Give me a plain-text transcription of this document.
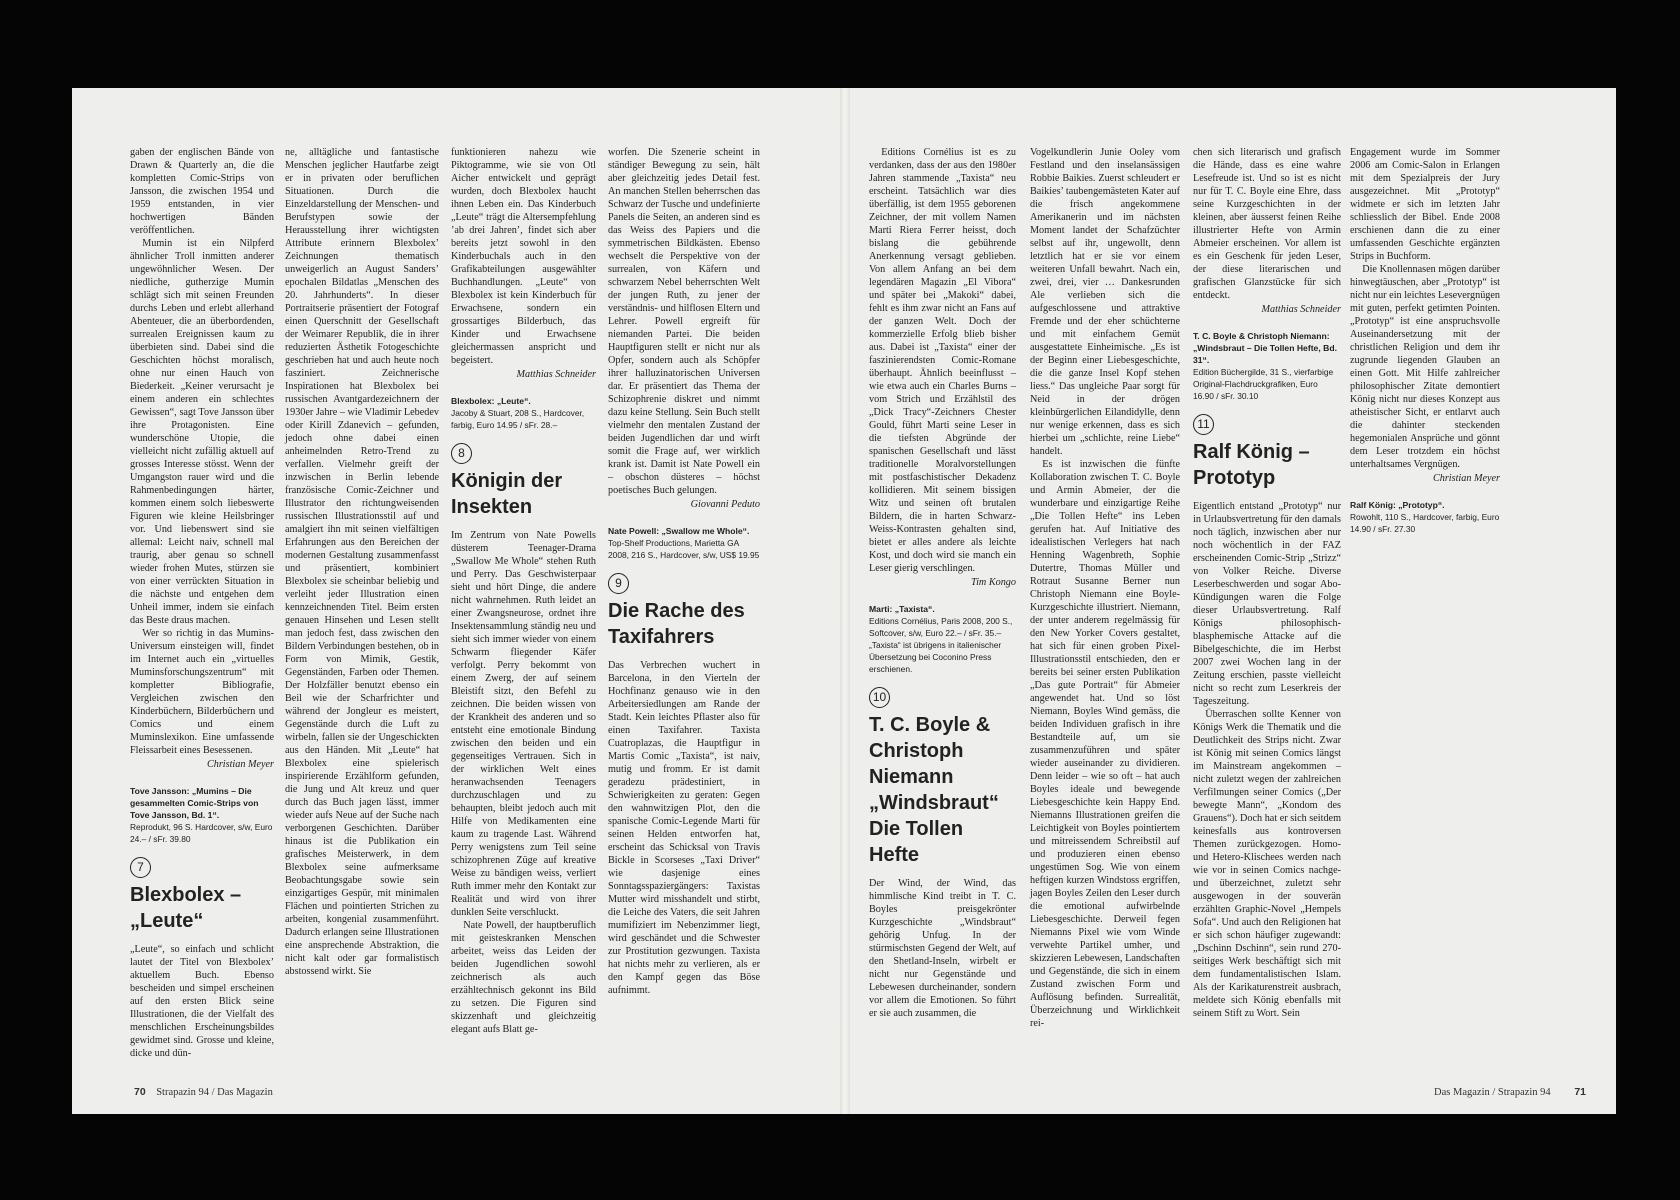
gaben der englischen Bände von Drawn & Quarterly an, die die kompletten Comic-Strips von Jansson, die zwischen 1954 und 1959 entstanden, in vier hochwertigen Bänden veröffentlichen.

Mumin ist ein Nilpferd ähnlicher Troll inmitten anderer ungewöhnlicher Wesen. Der niedliche, gutherzige Mumin schlägt sich mit seinen Freunden durchs Leben und erlebt allerhand Abenteuer, die an überbordenden, surrealen Ereignissen kaum zu überbieten sind. Dabei sind die Geschichten höchst moralisch, ohne nur einen Hauch von Biederkeit. „Keiner verursacht je einem anderen ein schlechtes Gewissen“, sagt Tove Jansson über ihre Protagonisten. Eine wunderschöne Utopie, die vielleicht nicht zufällig aktuell auf grosses Interesse stösst. Wenn der Umgangston rauer wird und die Rahmenbedingungen härter, kommen einem solch liebeswerte Figuren wie kleine Heilsbringer vor. Und liebenswert sind sie allemal: Leicht naiv, schnell mal traurig, aber genau so schnell wieder frohen Mutes, stürzen sie von einer verrückten Situation in die nächste und entgehen dem Unheil immer, indem sie einfach das Beste draus machen.

Wer so richtig in das Mumins-Universum einsteigen will, findet im Internet auch ein „virtuelles Muminsforschungszentrum“ mit kompletter Bibliografie, Vergleichen zwischen den Kinderbüchern, Bilderbüchern und Comics und einem Muminslexikon. Eine umfassende Fleissarbeit eines Besessenen.

Christian Meyer
Tove Jansson: „Mumins – Die gesammelten Comic-Strips von Tove Jansson, Bd. 1“.
Reprodukt, 96 S. Hardcover, s/w, Euro 24.– / sFr. 39.80
7
Blexbolex – „Leute“

„Leute“, so einfach und schlicht lautet der Titel von Blexbolex’ aktuellem Buch. Ebenso bescheiden und simpel erscheinen auf den ersten Blick seine Illustrationen, die der Vielfalt des menschlichen Erscheinungsbildes gewidmet sind. Grosse und kleine, dicke und dün-

ne, alltägliche und fantastische Menschen jeglicher Hautfarbe zeigt er in privaten oder beruflichen Situationen. Durch die Einzeldarstellung der Menschen- und Berufstypen sowie der Herausstellung ihrer wichtigsten Attribute erinnern Blexbolex’ Zeichnungen thematisch unweigerlich an August Sanders’ epochalen Bildatlas „Menschen des 20. Jahrhunderts“. In dieser Portraitserie präsentiert der Fotograf einen Querschnitt der Gesellschaft der Weimarer Republik, die in ihrer reduzierten Ästhetik Fotogeschichte geschrieben hat und auch heute noch fasziniert. Zeichnerische Inspirationen hat Blexbolex bei russischen Avantgardezeichnern der 1930er Jahre – wie Vladimir Lebedev oder Kirill Zdanevich – gefunden, jedoch ohne dabei einen anheimelnden Retro-Trend zu verfallen. Vielmehr greift der inzwischen in Berlin lebende französische Comic-Zeichner und Illustrator den richtungweisenden russischen Illustrationsstil auf und amalgiert ihn mit seinen vielfältigen Erfahrungen aus den Bereichen der modernen Gestaltung zusammenfasst und präsentiert, kombiniert Blexbolex sie scheinbar beliebig und verleiht jeder Illustration einen kennzeichnenden Titel. Beim ersten genauen Hinsehen und Lesen stellt man jedoch fest, dass zwischen den Bildern Verbindungen bestehen, ob in Form von Mimik, Gestik, Gegenständen, Farben oder Themen. Der Holzfäller benutzt ebenso ein Beil wie der Scharfrichter und während der Jongleur es meistert, Gegenstände durch die Luft zu wirbeln, fallen sie der Ungeschickten aus den Händen. Mit „Leute“ hat Blexbolex eine spielerisch inspirierende Erzählform gefunden, die Jung und Alt kreuz und quer durch das Buch jagen lässt, immer wieder aufs Neue auf der Suche nach verborgenen Geschichten. Darüber hinaus ist die Publikation ein grafisches Meisterwerk, in dem Blexbolex seine aufmerksame Beobachtungsgabe sowie sein einzigartiges Gespür, mit minimalen Flächen und pointierten Strichen zu arbeiten, kongenial zusammenführt. Dadurch erlangen seine Illustrationen eine ansprechende Abstraktion, die nicht kalt oder gar formalistisch abstossend wirkt. Sie

funktionieren nahezu wie Piktogramme, wie sie von Otl Aicher entwickelt und geprägt wurden, doch Blexbolex haucht ihnen Leben ein. Das Kinderbuch „Leute“ trägt die Altersempfehlung ’ab drei Jahren’, findet sich aber bereits jetzt sowohl in den Kinderbuchals auch in den Grafikabteilungen ausgewählter Buchhandlungen. „Leute“ von Blexbolex ist kein Kinderbuch für Erwachsene, sondern ein grossartiges Bilderbuch, das Kinder und Erwachsene gleichermassen anspricht und begeistert.

Matthias Schneider
Blexbolex: „Leute“.
Jacoby & Stuart, 208 S., Hardcover, farbig, Euro 14.95 / sFr. 28.–
8
Königin der Insekten

Im Zentrum von Nate Powells düsterem Teenager-Drama „Swallow Me Whole“ stehen Ruth und Perry. Das Geschwisterpaar sieht und hört Dinge, die andere nicht wahrnehmen. Ruth leidet an einer Zwangsneurose, ordnet ihre Insektensammlung ständig neu und sieht sich immer wieder von einem Schwarm fliegender Käfer verfolgt. Perry bekommt von einem Zwerg, der auf seinem Bleistift sitzt, den Befehl zu zeichnen. Die beiden wissen von der Krankheit des anderen und so entsteht eine emotionale Bindung zwischen den beiden und ein gegenseitiges Vertrauen. Sich in der wirklichen Welt eines heranwachsenden Teenagers durchzuschlagen und zu behaupten, bleibt jedoch auch mit Hilfe von Medikamenten eine kaum zu tragende Last. Während Perry wenigstens zum Teil seine schizophrenen Züge auf kreative Weise zu bändigen weiss, verliert Ruth immer mehr den Kontakt zur Realität und wird von ihrer dunklen Seite verschluckt.

Nate Powell, der hauptberuflich mit geisteskranken Menschen arbeitet, weiss das Leiden der beiden Jugendlichen sowohl zeichnerisch als auch erzähltechnisch gekonnt ins Bild zu setzen. Die Figuren sind skizzenhaft und gleichzeitig elegant aufs Blatt ge-

worfen. Die Szenerie scheint in ständiger Bewegung zu sein, hält aber gleichzeitig jedes Detail fest. An manchen Stellen beherrschen das Schwarz der Tusche und undefinierte Panels die Seiten, an anderen sind es das Weiss des Papiers und die symmetrischen Bildkästen. Ebenso wechselt die Perspektive von der surrealen, von Käfern und schwarzem Nebel beherrschten Welt der jungen Ruth, zu jener der verständnis- und hilflosen Eltern und Lehrer. Powell ergreift für niemanden Partei. Die beiden Hauptfiguren stellt er nicht nur als Opfer, sondern auch als Schöpfer ihrer halluzinatorischen Universen dar. Er präsentiert das Thema der Schizophrenie diskret und nimmt dazu keine Stellung. Sein Buch stellt vielmehr den mentalen Zustand der beiden Jugendlichen dar und wirft somit die Frage auf, wer wirklich krank ist. Damit ist Nate Powell ein – obschon düsteres – höchst poetisches Buch gelungen.

Giovanni Peduto
Nate Powell: „Swallow me Whole“.
Top-Shelf Productions, Marietta GA 2008, 216 S., Hardcover, s/w, US$ 19.95
9
Die Rache des Taxifahrers

Das Verbrechen wuchert in Barcelona, in den Vierteln der Hochfinanz genauso wie in den Arbeitersiedlungen am Rande der Stadt. Kein leichtes Pflaster also für einen Taxifahrer. Taxista Cuatroplazas, die Hauptfigur in Martis Comic „Taxista“, ist naiv, mutig und fromm. Er ist damit geradezu prädestiniert, in Schwierigkeiten zu geraten: Gegen den wahnwitzigen Plot, den die spanische Comic-Legende Marti für seinen Helden entworfen hat, erscheint das Schicksal von Travis Bickle in Scorseses „Taxi Driver“ wie dasjenige eines Sonntagsspaziergängers: Taxistas Mutter wird misshandelt und stirbt, die Leiche des Vaters, die seit Jahren mumifiziert im Nebenzimmer liegt, wird geschändet und die Schwester zur Prostitution gezwungen. Taxista hat nichts mehr zu verlieren, als er den Kampf gegen das Böse aufnimmt.

70 Strapazin 94 / Das Magazin

Editions Cornélius ist es zu verdanken, dass der aus den 1980er Jahren stammende „Taxista“ neu erscheint. Tatsächlich war dies überfällig, ist dem 1955 geborenen Zeichner, der mit vollem Namen Marti Riera Ferrer heisst, doch bislang die gebührende Anerkennung versagt geblieben. Von allem Anfang an bei dem legendären Magazin „El Vibora“ und später bei „Makoki“ dabei, fehlt es ihm zwar nicht an Fans auf der ganzen Welt. Doch der kommerzielle Erfolg blieb bisher aus. Dabei ist „Taxista“ einer der faszinierendsten Comic-Romane überhaupt. Ähnlich beeinflusst – wie etwa auch ein Charles Burns – vom Strich und Erzählstil des „Dick Tracy“-Zeichners Chester Gould, führt Marti seine Leser in die tiefsten Abgründe der spanischen Gesellschaft und lässt traditionelle Moralvorstellungen mit postfaschistischer Dekadenz kollidieren. Mit seinem bissigen Witz und seinen oft brutalen Bildern, die in harten Schwarz-Weiss-Kontrasten gehalten sind, bietet er alles andere als leichte Kost, und doch wird sie manch ein Leser gierig verschlingen.

Tim Kongo
Marti: „Taxista“.
Editions Cornélius, Paris 2008, 200 S., Softcover, s/w, Euro 22.– / sFr. 35.– „Taxista“ ist übrigens in italienischer Übersetzung bei Coconino Press erschienen.
10
T. C. Boyle & Christoph Niemann „Windsbraut“ Die Tollen Hefte

Der Wind, der Wind, das himmlische Kind treibt in T. C. Boyles preisgekrönter Kurzgeschichte „Windsbraut“ gehörig Unfug. In der stürmischsten Gegend der Welt, auf den Shetland-Inseln, wirbelt er nicht nur Gegenstände und Lebewesen durcheinander, sondern vor allem die Emotionen. So führt er sie auch zusammen, die

Vogelkundlerin Junie Ooley vom Festland und den inselansässigen Robbie Baikies. Zuerst schleudert er Baikies’ taubengemästeten Kater auf die frisch angekommene Amerikanerin und im nächsten Moment landet der Schafzüchter selbst auf ihr, ungewollt, denn letztlich hat er sie vor einem weiteren Unfall bewahrt. Nach ein, zwei, drei, vier … Dankesrunden Ale verlieben sich die aufgeschlossene und attraktive Fremde und der eher schüchterne und mit einfachem Gemüt ausgestattete Einheimische. „Es ist der Beginn einer Liebesgeschichte, die die ganze Insel Kopf stehen liess.“ Das ungleiche Paar sorgt für Neid in der drögen kleinbürgerlichen Eilandidylle, denn nur wenige erkennen, dass es sich hierbei um „schlichte, reine Liebe“ handelt.

Es ist inzwischen die fünfte Kollaboration zwischen T. C. Boyle und Armin Abmeier, der die wunderbare und einzigartige Reihe „Die Tollen Hefte“ ins Leben gerufen hat. Auf Initiative des idealistischen Verlegers hat nach Henning Wagenbreth, Sophie Dutertre, Thomas Müller und Rotraut Susanne Berner nun Christoph Niemann eine Boyle-Kurzgeschichte illustriert. Niemann, der unter anderem regelmässig für den New Yorker Covers gestaltet, hat sich für einen groben Pixel-Illustrationsstil entschieden, den er bereits bei seiner ersten Publikation „Das gute Portrait“ für Abmeier angewendet hat. Und so löst Niemann, Boyles Wind gemäss, die beiden Individuen grafisch in ihre Bestandteile auf, um sie zusammenzuführen und später wieder auseinander zu dividieren. Denn leider – wie so oft – hat auch Boyles ideale und bewegende Liebesgeschichte kein Happy End. Niemanns Illustrationen greifen die Leichtigkeit von Boyles pointiertem und mitreissendem Schreibstil auf und produzieren einen ebenso ungestümen Sog. Wie von einem heftigen kurzen Windstoss ergriffen, jagen Boyles Zeilen den Leser durch die emotional aufwirbelnde Liebesgeschichte. Derweil fegen Niemanns Pixel wie vom Winde verwehte Partikel umher, und skizzieren Lebewesen, Landschaften und Gegenstände, die sich in einem Zustand zwischen Form und Auflösung befinden. Surrealität, Überzeichnung und Wirklichkeit rei-

chen sich literarisch und grafisch die Hände, dass es eine wahre Lesefreude ist. Und so ist es nicht nur für T. C. Boyle eine Ehre, dass seine Kurzgeschichten in der kleinen, aber äusserst feinen Reihe illustrierter Hefte von Armin Abmeier erscheinen. Vor allem ist es ein Geschenk für jeden Leser, der diese literarischen und grafischen Glanzstücke für sich entdeckt.

Matthias Schneider
T. C. Boyle & Christoph Niemann: „Windsbraut – Die Tollen Hefte, Bd. 31“.
Edition Büchergilde, 31 S., vierfarbige Original-Flachdruckgrafiken, Euro 16.90 / sFr. 30.10
11
Ralf König – Prototyp

Eigentlich entstand „Prototyp“ nur in Urlaubsvertretung für den damals noch täglich, inzwischen aber nur noch wöchentlich in der FAZ erscheinenden Comic-Strip „Strizz“ von Volker Reiche. Diverse Leserbeschwerden und sogar Abo-Kündigungen waren die Folge dieser Urlaubsvertretung. Ralf Königs philosophisch-blasphemische Attacke auf die Bibelgeschichte, die im Herbst 2007 zwei Wochen lang in der Zeitung erschien, passte vielleicht nicht so recht zum Leserkreis der Tageszeitung.

Überraschen sollte Kenner von Königs Werk die Thematik und die Deutlichkeit des Strips nicht. Zwar ist König mit seinen Comics längst im Mainstream angekommen – nicht zuletzt wegen der zahlreichen Verfilmungen seiner Comics („Der bewegte Mann“, „Kondom des Grauens“). Doch hat er sich seitdem keinesfalls aus kontroversen Themen zurückgezogen. Homo- und Hetero-Klischees werden nach wie vor in seinen Comics nachge- und überzeichnet, zuletzt sehr ausgewogen in der souverän erzählten Graphic-Novel „Hempels Sofa“. Und auch den Religionen hat er sich schon häufiger zugewandt: „Dschinn Dschinn“, sein rund 270-seitiges Werk beschäftigt sich mit dem fundamentalistischen Islam. Als der Karikaturenstreit ausbrach, meldete sich König ebenfalls mit seinem Stift zu Wort. Sein

Engagement wurde im Sommer 2006 am Comic-Salon in Erlangen mit dem Spezialpreis der Jury ausgezeichnet. Mit „Prototyp“ widmete er sich im letzten Jahr schliesslich der Bibel. Ende 2008 erschienen dann die zu einer umfassenden Geschichte ergänzten Strips in Buchform.

Die Knollennasen mögen darüber hinwegtäuschen, aber „Prototyp“ ist nicht nur ein leichtes Lesevergnügen mit guten, perfekt getimten Pointen. „Prototyp“ ist eine anspruchsvolle Auseinandersetzung mit der christlichen Religion und dem ihr zugrunde liegenden Glauben an einen Gott. Mit Hilfe zahlreicher philosophischer Zitate demontiert König nicht nur dieses Konzept aus atheistischer Sicht, er entlarvt auch die dahinter steckenden hegemonialen Ansprüche und gönnt dem Leser trotzdem ein höchst unterhaltsames Vergnügen.

Christian Meyer
Ralf König: „Prototyp“.
Rowohlt, 110 S., Hardcover, farbig, Euro 14.90 / sFr. 27.30
Das Magazin / Strapazin 94 71
